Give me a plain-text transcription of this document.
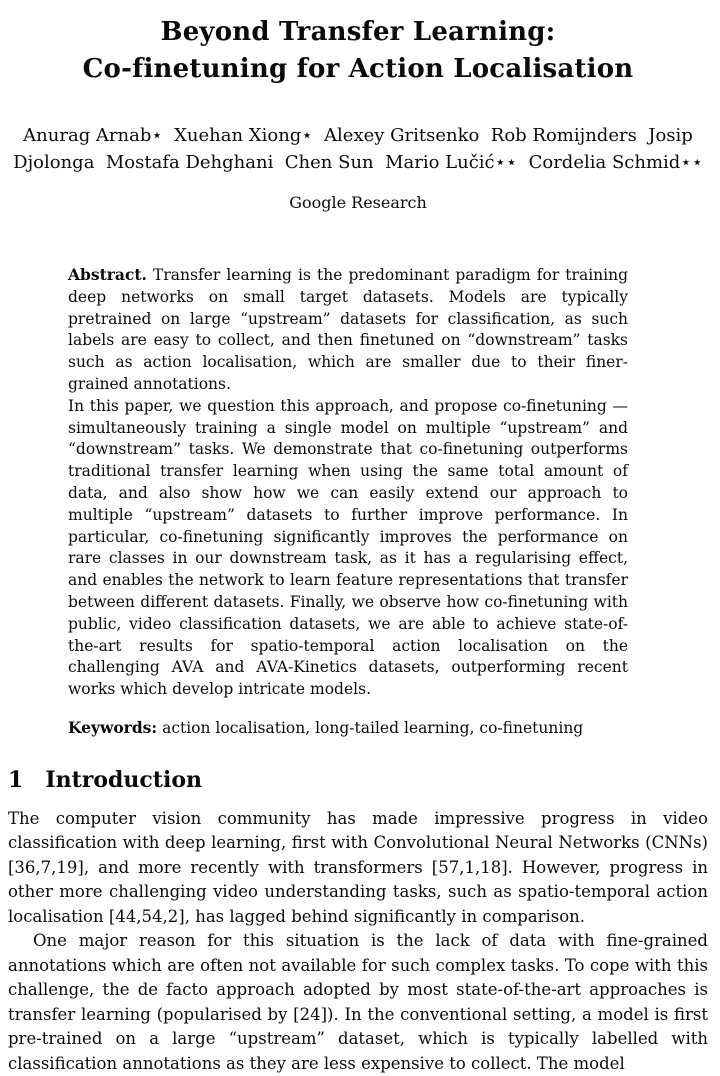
Beyond Transfer Learning:
Co-finetuning for Action Localisation
Anurag Arnab⋆  Xuehan Xiong⋆  Alexey Gritsenko  Rob Romijnders  Josip
Djolonga  Mostafa Dehghani  Chen Sun  Mario Lučić⋆⋆  Cordelia Schmid⋆⋆
Google Research

Abstract. Transfer learning is the predominant paradigm for training deep networks on small target datasets. Models are typically pretrained on large “upstream” datasets for classification, as such labels are easy to collect, and then finetuned on “downstream” tasks such as action localisation, which are smaller due to their finer-grained annotations.

In this paper, we question this approach, and propose co-finetuning — simultaneously training a single model on multiple “upstream” and “downstream” tasks. We demonstrate that co-finetuning outperforms traditional transfer learning when using the same total amount of data, and also show how we can easily extend our approach to multiple “upstream” datasets to further improve performance. In particular, co-finetuning significantly improves the performance on rare classes in our downstream task, as it has a regularising effect, and enables the network to learn feature representations that transfer between different datasets. Finally, we observe how co-finetuning with public, video classification datasets, we are able to achieve state-of-the-art results for spatio-temporal action localisation on the challenging AVA and AVA-Kinetics datasets, outperforming recent works which develop intricate models.

Keywords: action localisation, long-tailed learning, co-finetuning
1 Introduction

The computer vision community has made impressive progress in video classification with deep learning, first with Convolutional Neural Networks (CNNs) [36,7,19], and more recently with transformers [57,1,18]. However, progress in other more challenging video understanding tasks, such as spatio-temporal action localisation [44,54,2], has lagged behind significantly in comparison.

One major reason for this situation is the lack of data with fine-grained annotations which are often not available for such complex tasks. To cope with this challenge, the de facto approach adopted by most state-of-the-art approaches is transfer learning (popularised by [24]). In the conventional setting, a model is first pre-trained on a large “upstream” dataset, which is typically labelled with classification annotations as they are less expensive to collect. The model
